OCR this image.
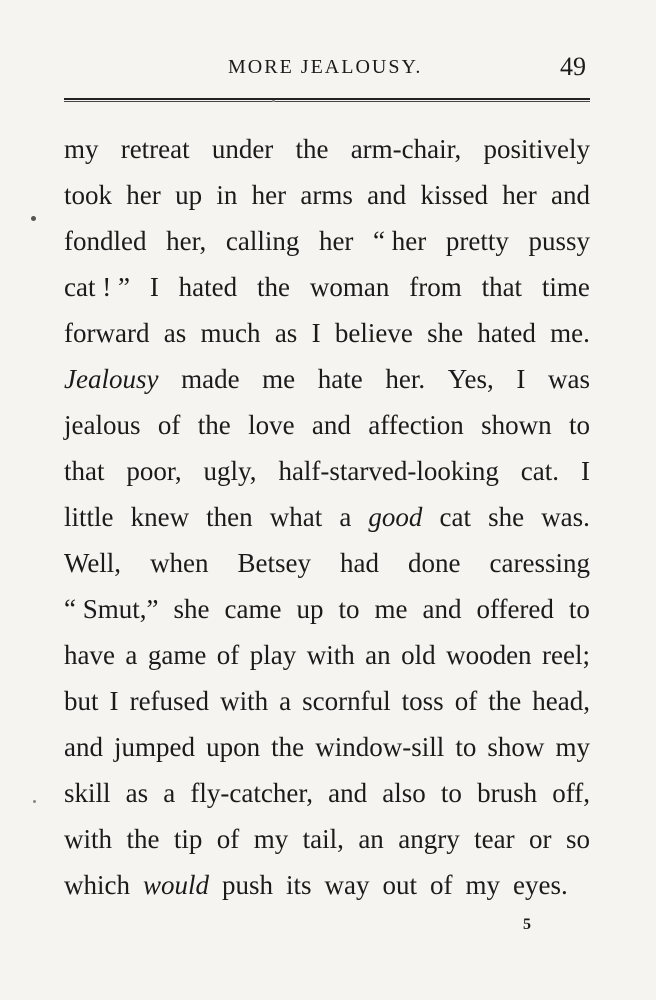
MORE JEALOUSY.	49
my retreat under the arm-chair, positively
took her up in her arms and kissed her and
fondled her, calling her “ her pretty pussy
cat ! ” I hated the woman from that time
forward as much as I believe she hated me.
Jealousy made me hate her. Yes, I was
jealous of the love and affection shown to
that poor, ugly, half-starved-looking cat. I
little knew then what a good cat she was.
Well, when Betsey had done caressing
“ Smut,” she came up to me and offered to
have a game of play with an old wooden reel;
but I refused with a scornful toss of the head,
and jumped upon the window-sill to show my
skill as a fly-catcher, and also to brush off,
with the tip of my tail, an angry tear or so
which would push its way out of my eyes.
5
